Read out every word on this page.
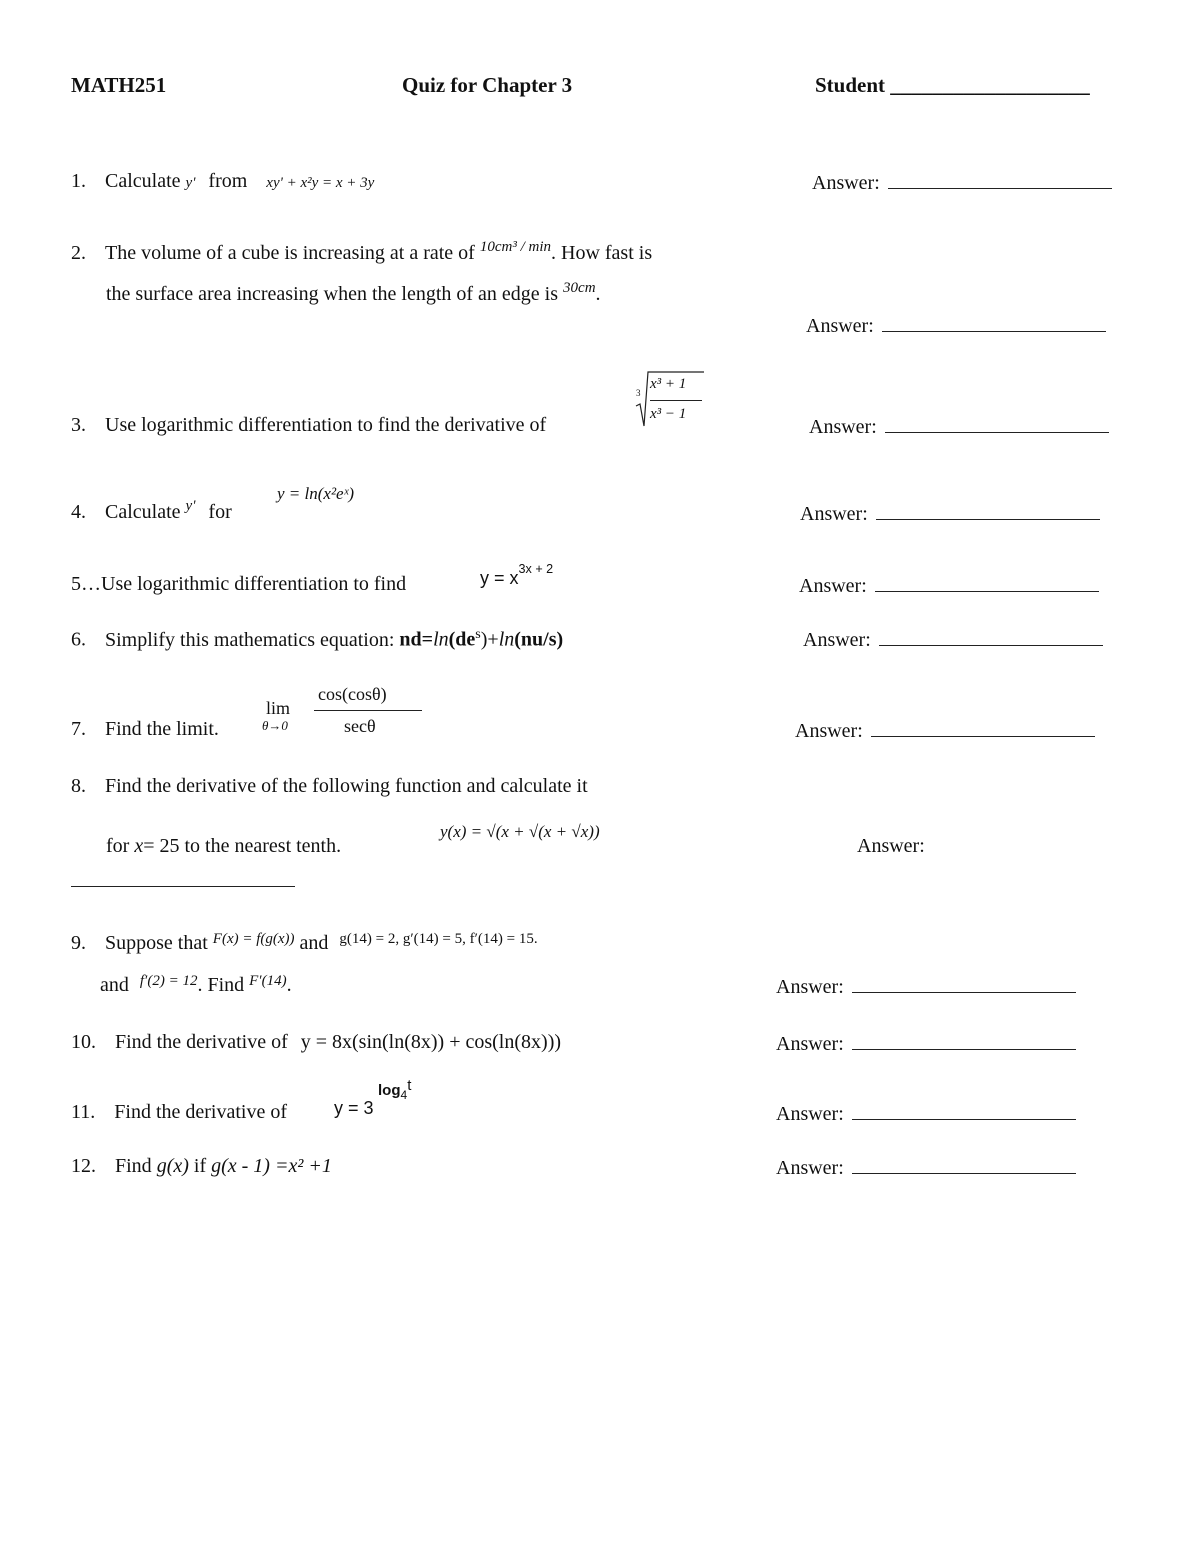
MATH251	Quiz for Chapter 3	Student ___________________
1. Calculate y' from xy' + x²y = x + 3y	Answer:
2. The volume of a cube is increasing at a rate of $^{10cm^3 / min}$. How fast is
the surface area increasing when the length of an edge is $^{30cm}$.
Answer:
3. Use logarithmic differentiation to find the derivative of
3
x³ + 1
x³ − 1
Answer:
4. Calculate $^{y'}$ for
y = ln(x²eˣ)
Answer:
5…Use logarithmic differentiation to find	$y = x^{3x + 2}$
Answer:
6. Simplify this mathematics equation: $nd=\ln(de^s)+\ln(nu/s)$	Answer:
7. Find the limit.
lim
θ→0
cos(cosθ)
secθ	Answer:
8. Find the derivative of the following function and calculate it
for x= 25 to the nearest tenth.
y(x) = √(x + √(x + √x))
Answer:
9. Suppose that $^{F(x) = f(g(x))}$ and $^{g(14) = 2, g'(14) = 5, f'(14) = 15.}$
and $^{f'(2) = 12}$. Find $^{F'(14)}$.	Answer:
10. Find the derivative of y = 8x(sin(ln(8x)) + cos(ln(8x)))	Answer:
11. Find the derivative of	y = 3
$\log_4t$
Answer:
12. Find g(x) if g(x - 1) =x² +1	Answer:
